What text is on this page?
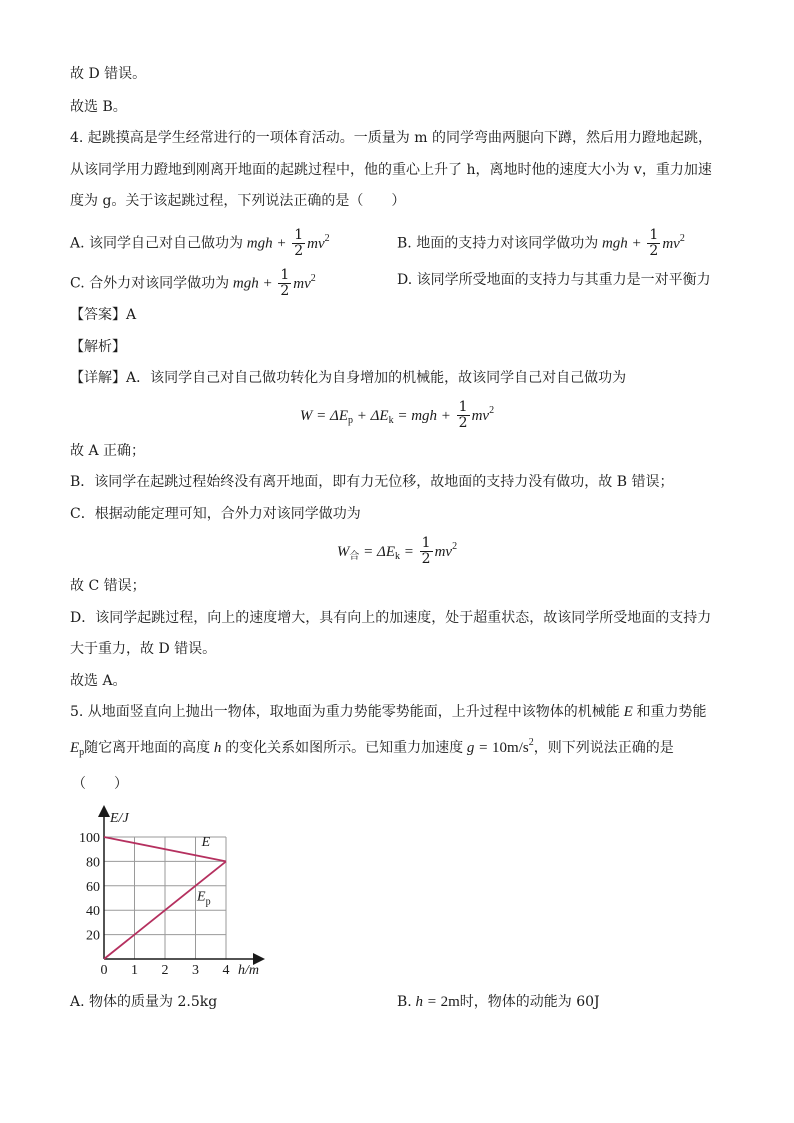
故 D 错误。
故选 B。
4. 起跳摸高是学生经常进行的一项体育活动。一质量为 m 的同学弯曲两腿向下蹲，然后用力蹬地起跳，
从该同学用力蹬地到刚离开地面的起跳过程中，他的重心上升了 h，离地时他的速度大小为 v，重力加速
度为 g。关于该起跳过程，下列说法正确的是（　　）
A. 该同学自己对自己做功为 mgh + $\frac{1}{2} mv^2$	B. 地面的支持力对该同学做功为 mgh + $\frac{1}{2} mv^2$
C. 合外力对该同学做功为 mgh + $\frac{1}{2} mv^2$	D. 该同学所受地面的支持力与其重力是一对平衡力
【答案】A
【解析】
【详解】A．该同学自己对自己做功转化为自身增加的机械能，故该同学自己对自己做功为
$W = \Delta E_p + \Delta E_k$ = mgh + $\frac{1}{2} mv^2$
故 A 正确；
B．该同学在起跳过程始终没有离开地面，即有力无位移，故地面的支持力没有做功，故 B 错误；
C．根据动能定理可知，合外力对该同学做功为
$W_合 = \Delta E_k = \frac{1}{2} mv^2$
故 C 错误；
D．该同学起跳过程，向上的速度增大，具有向上的加速度，处于超重状态，故该同学所受地面的支持力
大于重力，故 D 错误。
故选 A。
5. 从地面竖直向上抛出一物体，取地面为重力势能零势能面，上升过程中该物体的机械能 E 和重力势能
$E_p$随它离开地面的高度 h 的变化关系如图所示。已知重力加速度 $g = 10m/s^2$，则下列说法正确的是
（　　）
0 1 2 3 4
20
40
60
80
100	E
$E_p$
E/J
h/m
A. 物体的质量为 2.5kg	B. h = 2m时，物体的动能为 60J
